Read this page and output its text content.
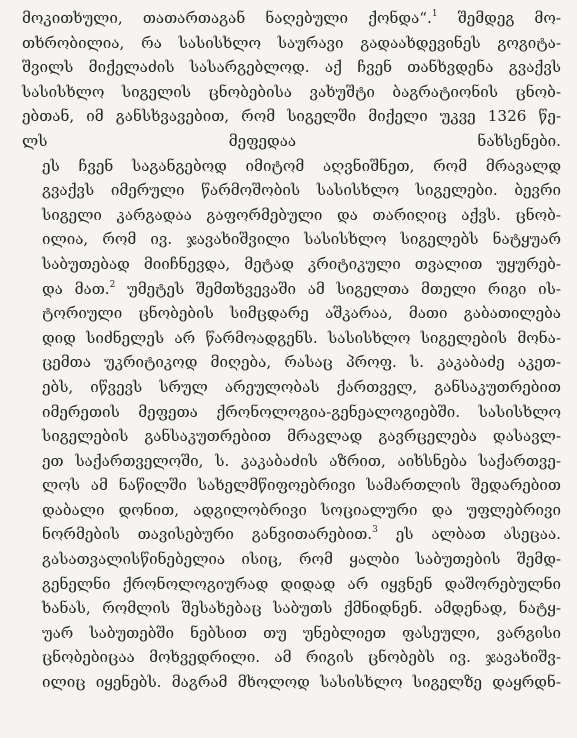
მოკითხული, თათართაგან ნაღებული ქონდა“.$^1$ შემდეგ მო-
თხრობილია, რა სასისხლო საურავი გადაახდევინეს გოგიტა-
შვილს მიქელაძის სასარგებლოდ. აქ ჩვენ თანხვდენა გვაქვს
სასისხლო სიგელის ცნობებისა ვახუშტი ბაგრატიონის ცნობ-
ებთან, იმ განსხვავებით, რომ სიგელში მიქელი უკვე 1326 წე-
ლს მეფედაა ნახსენები.

ეს ჩვენ საგანგებოდ იმიტომ აღვნიშნეთ, რომ მრავალდ
გვაქვს იმერული წარმოშობის სასისხლო სიგელები. ბევრი
სიგელი კარგადაა გაფორმებული და თარიღიც აქვს. ცნობ-
ილია, რომ ივ. ჯავახიშვილი სასისხლო სიგელებს ნატყუარ
საბუთებად მიიჩნევდა, მეტად კრიტიკული თვალით უყურებ-
და მათ.$^2$ უმეტეს შემთხვევაში ამ სიგელთა მთელი რიგი ის-
ტორიული ცნობების სიმცდარე აშკარაა, მათი გაბათილება
დიდ სიძნელეს არ წარმოადგენს. სასისხლო სიგელების მონა-
ცემთა უკრიტიკოდ მიღება, რასაც პროფ. ს. კაკაბაძე აკეთ-
ებს, იწვევს სრულ არეულობას ქართველ, განსაკუთრებით
იმერეთის მეფეთა ქრონოლოგია-გენეალოგიებში. სასისხლო
სიგელების განსაკუთრებით მრავლად გავრცელება დასავლ-
ეთ საქართველოში, ს. კაკაბაძის აზრით, აიხსნება საქართვე-
ლოს ამ ნაწილში სახელმწიფოებრივი სამართლის შედარებით
დაბალი დონით, ადგილობრივი სოციალური და უფლებრივი
ნორმების თავისებური განვითარებით.$^3$ ეს ალბათ ასეცაა.
გასათვალისწინებელია ისიც, რომ ყალბი საბუთების შემდ-
გენელნი ქრონოლოგიურად დიდად არ იყვნენ დაშორებულნი
ხანას, რომლის შესახებაც საბუთს ქმნიდნენ. ამდენად, ნატყ-
უარ საბუთებში ნებსით თუ უნებლიეთ ფასეული, ვარგისი
ცნობებიცაა მოხვედრილი. ამ რიგის ცნობებს ივ. ჯავახიშვ-
ილიც იყენებს. მაგრამ მხოლოდ სასისხლო სიგელზე დაყრდნ-
